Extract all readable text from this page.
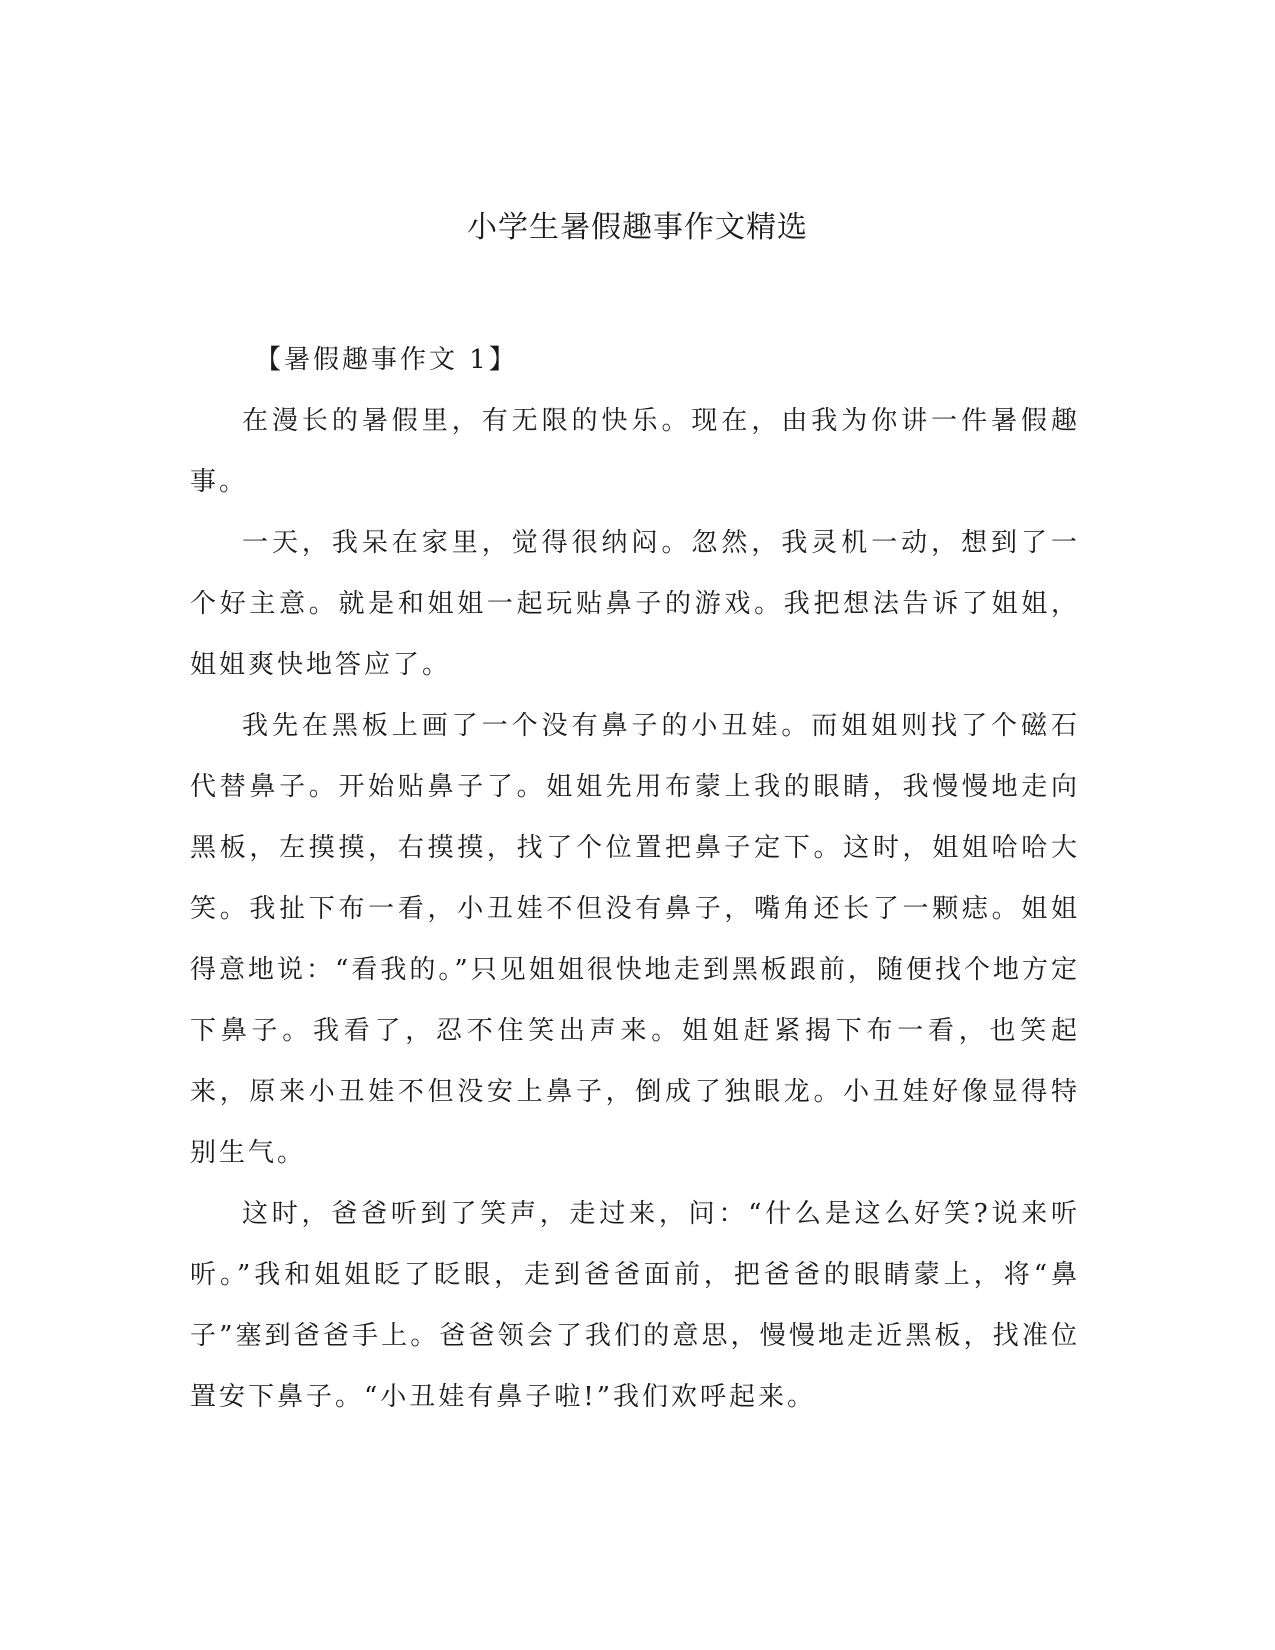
小学生暑假趣事作文精选

【暑假趣事作文 1】

在漫长的暑假里，有无限的快乐。现在，由我为你讲一件暑假趣事。

一天，我呆在家里，觉得很纳闷。忽然，我灵机一动，想到了一个好主意。就是和姐姐一起玩贴鼻子的游戏。我把想法告诉了姐姐，姐姐爽快地答应了。

我先在黑板上画了一个没有鼻子的小丑娃。而姐姐则找了个磁石代替鼻子。开始贴鼻子了。姐姐先用布蒙上我的眼睛，我慢慢地走向黑板，左摸摸，右摸摸，找了个位置把鼻子定下。这时，姐姐哈哈大笑。我扯下布一看，小丑娃不但没有鼻子，嘴角还长了一颗痣。姐姐得意地说：“看我的。”只见姐姐很快地走到黑板跟前，随便找个地方定下鼻子。我看了，忍不住笑出声来。姐姐赶紧揭下布一看，也笑起来，原来小丑娃不但没安上鼻子，倒成了独眼龙。小丑娃好像显得特别生气。

这时，爸爸听到了笑声，走过来，问：“什么是这么好笑?说来听听。”我和姐姐眨了眨眼，走到爸爸面前，把爸爸的眼睛蒙上，将“鼻子”塞到爸爸手上。爸爸领会了我们的意思，慢慢地走近黑板，找准位置安下鼻子。“小丑娃有鼻子啦!”我们欢呼起来。
